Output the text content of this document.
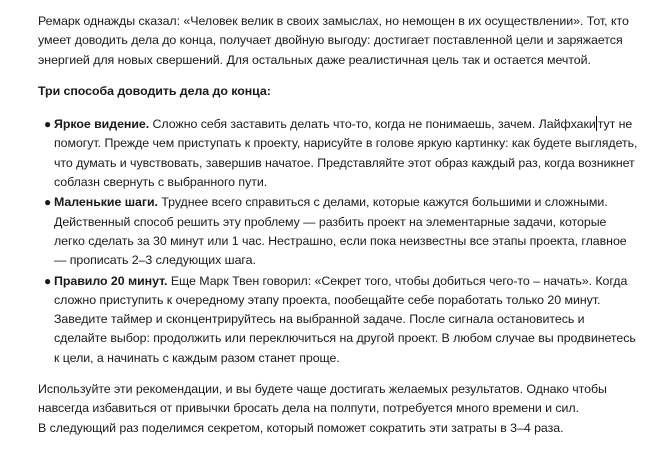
Ремарк однажды сказал: «Человек велик в своих замыслах, но немощен в их осуществлении». Тот, кто умеет доводить дела до конца, получает двойную выгоду: достигает поставленной цели и заряжается энергией для новых свершений. Для остальных даже реалистичная цель так и остается мечтой.

Три способа доводить дела до конца:

● Яркое видение. Сложно себя заставить делать что-то, когда не понимаешь, зачем. Лайфхаки тут не помогут. Прежде чем приступать к проекту, нарисуйте в голове яркую картинку: как будете выглядеть, что думать и чувствовать, завершив начатое. Представляйте этот образ каждый раз, когда возникнет соблазн свернуть с выбранного пути.
● Маленькие шаги. Труднее всего справиться с делами, которые кажутся большими и сложными. Действенный способ решить эту проблему — разбить проект на элементарные задачи, которые легко сделать за 30 минут или 1 час. Нестрашно, если пока неизвестны все этапы проекта, главное — прописать 2–3 следующих шага.
● Правило 20 минут. Еще Марк Твен говорил: «Секрет того, чтобы добиться чего-то – начать». Когда сложно приступить к очередному этапу проекта, пообещайте себе поработать только 20 минут. Заведите таймер и сконцентрируйтесь на выбранной задаче. После сигнала остановитесь и сделайте выбор: продолжить или переключиться на другой проект. В любом случае вы продвинетесь к цели, а начинать с каждым разом станет проще.

Используйте эти рекомендации, и вы будете чаще достигать желаемых результатов. Однако чтобы навсегда избавиться от привычки бросать дела на полпути, потребуется много времени и сил.
В следующий раз поделимся секретом, который поможет сократить эти затраты в 3–4 раза.
